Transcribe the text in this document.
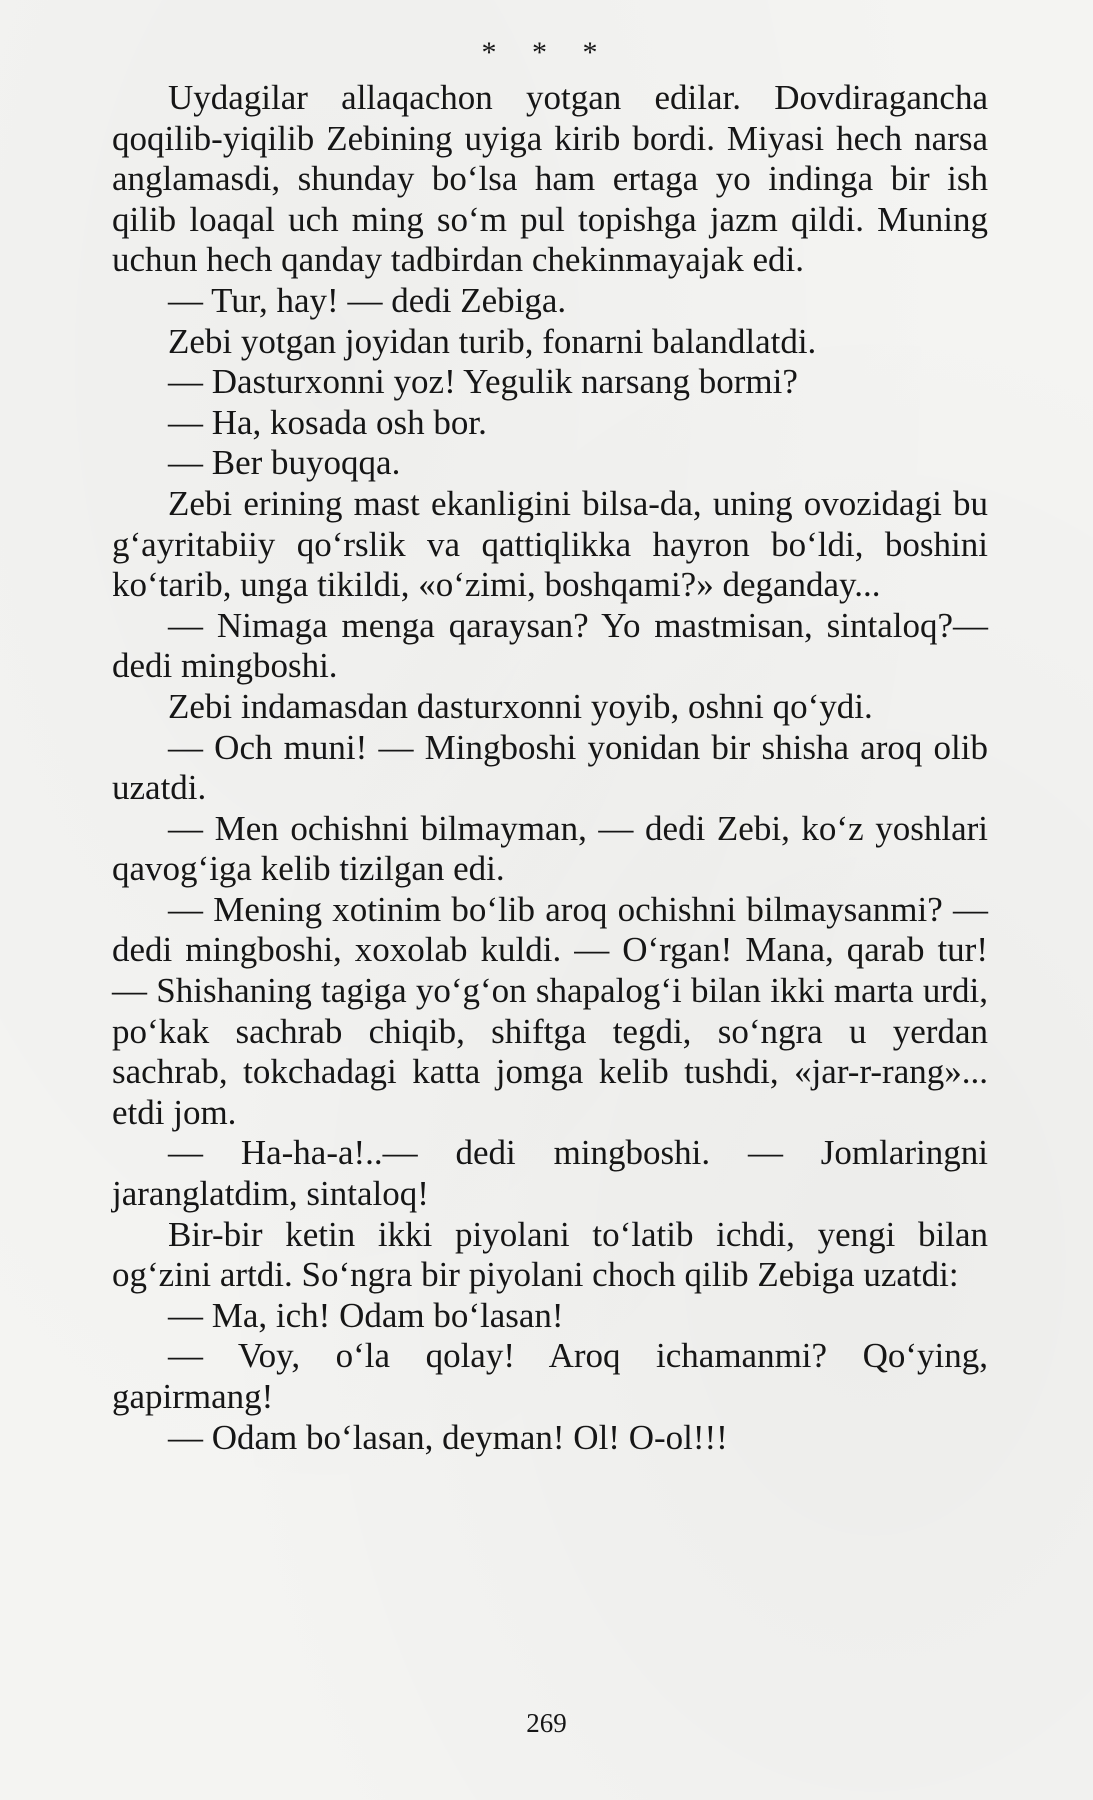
* * *

Uydagilar allaqachon yotgan edilar. Dovdiragancha qoqilib-yiqilib Zebining uyiga kirib bordi. Miyasi hech narsa anglamasdi, shunday bo‘lsa ham ertaga yo indinga bir ish qilib loaqal uch ming so‘m pul topishga jazm qildi. Muning uchun hech qanday tadbirdan chekinmayajak edi.

— Tur, hay! — dedi Zebiga.

Zebi yotgan joyidan turib, fonarni balandlatdi.

— Dasturxonni yoz! Yegulik narsang bormi?

— Ha, kosada osh bor.

— Ber buyoqqa.

Zebi erining mast ekanligini bilsa-da, uning ovozidagi bu g‘ayritabiiy qo‘rslik va qattiqlikka hayron bo‘ldi, boshini ko‘tarib, unga tikildi, «o‘zimi, boshqami?» deganday...

— Nimaga menga qaraysan? Yo mastmisan, sintaloq?— dedi mingboshi.

Zebi indamasdan dasturxonni yoyib, oshni qo‘ydi.

— Och muni! — Mingboshi yonidan bir shisha aroq olib uzatdi.

— Men ochishni bilmayman, — dedi Zebi, ko‘z yoshlari qavog‘iga kelib tizilgan edi.

— Mening xotinim bo‘lib aroq ochishni bilmaysanmi? — dedi mingboshi, xoxolab kuldi. — O‘rgan! Mana, qarab tur! — Shishaning tagiga yo‘g‘on shapalog‘i bilan ikki marta urdi, po‘kak sachrab chiqib, shiftga tegdi, so‘ngra u yerdan sachrab, tokchadagi katta jomga kelib tushdi, «jar-r-rang»... etdi jom.

— Ha-ha-a!..— dedi mingboshi. — Jomlaringni jaranglatdim, sintaloq!

Bir-bir ketin ikki piyolani to‘latib ichdi, yengi bilan og‘zini artdi. So‘ngra bir piyolani choch qilib Zebiga uzatdi:

— Ma, ich! Odam bo‘lasan!

— Voy, o‘la qolay! Aroq ichamanmi? Qo‘ying, gapirmang!

— Odam bo‘lasan, deyman! Ol! O-ol!!!

269
